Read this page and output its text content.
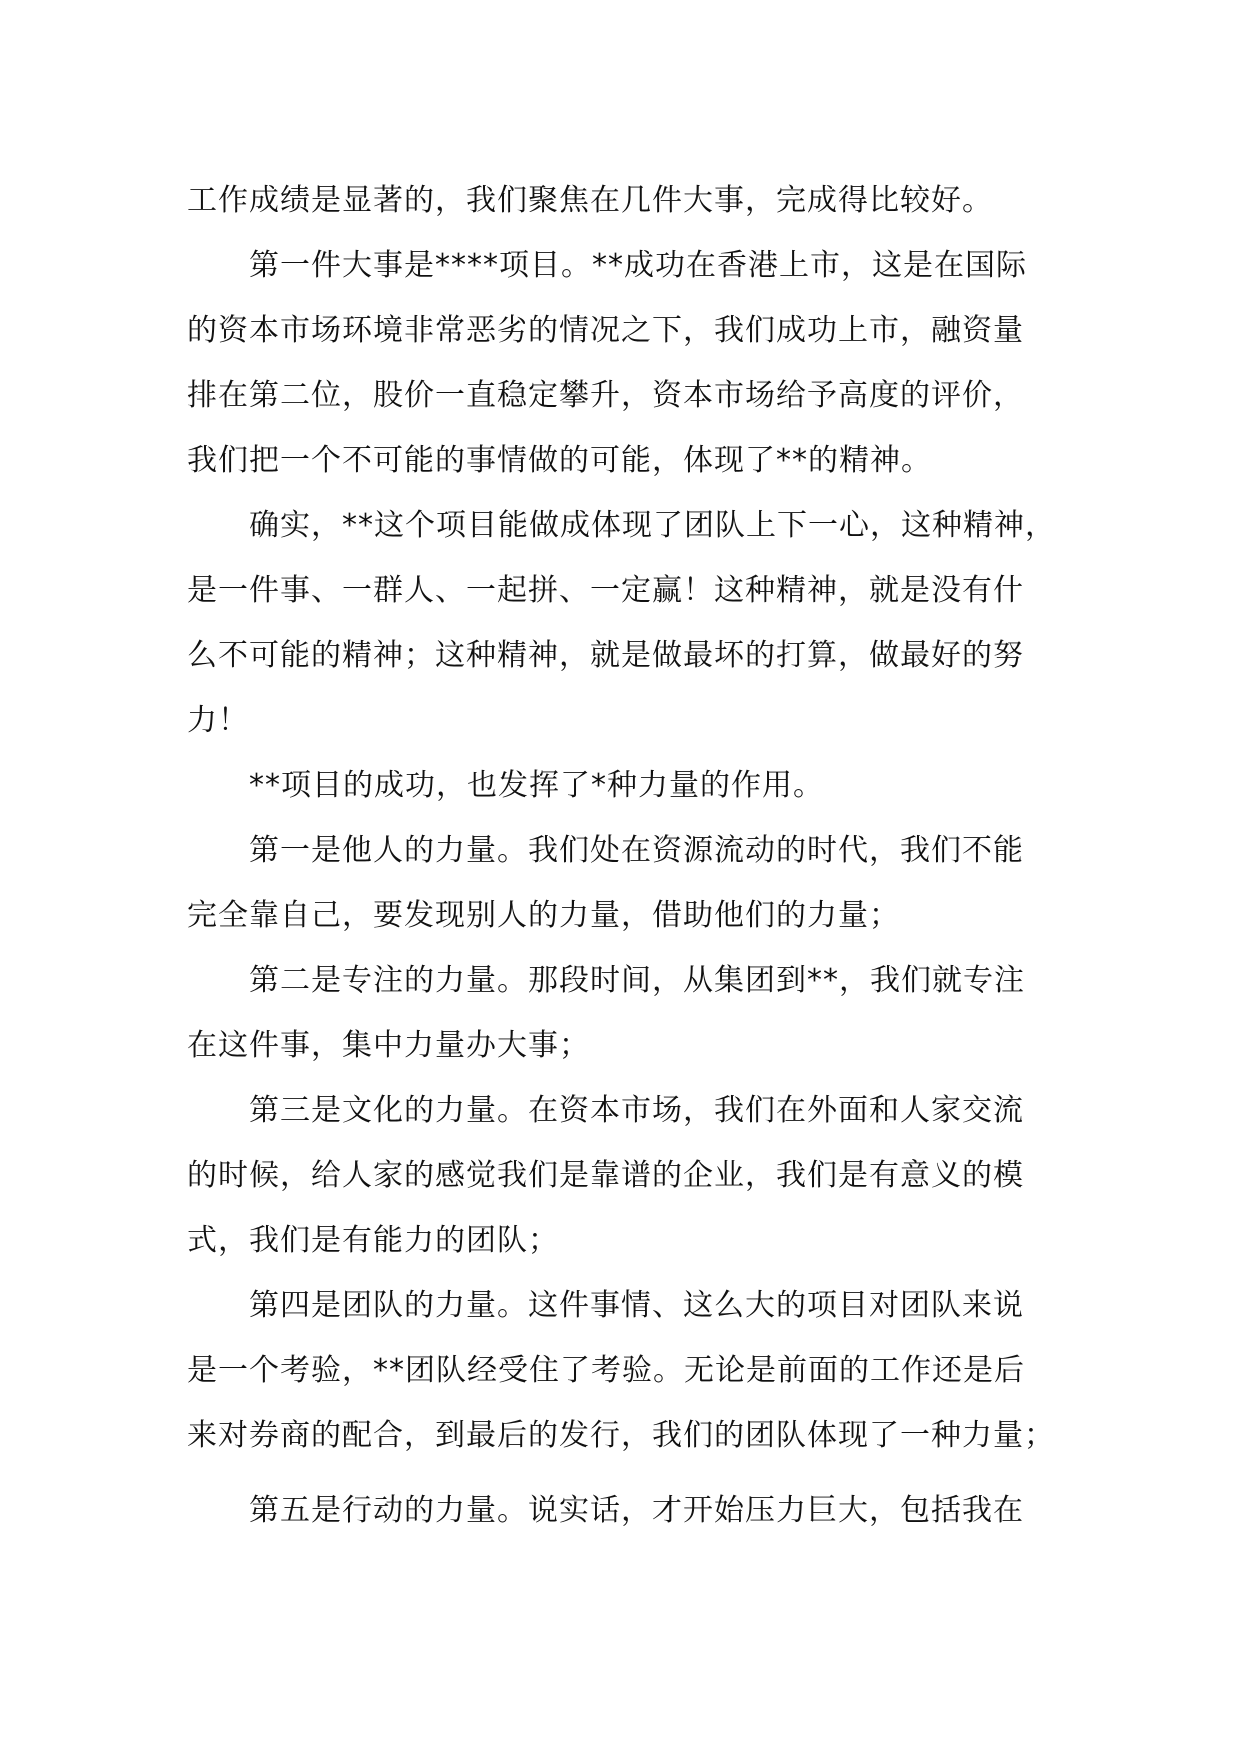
工作成绩是显著的，我们聚焦在几件大事，完成得比较好。

第一件大事是****项目。**成功在香港上市，这是在国际
的资本市场环境非常恶劣的情况之下，我们成功上市，融资量
排在第二位，股价一直稳定攀升，资本市场给予高度的评价，
我们把一个不可能的事情做的可能，体现了**的精神。

确实，**这个项目能做成体现了团队上下一心，这种精神，
是一件事、一群人、一起拼、一定赢！这种精神，就是没有什
么不可能的精神；这种精神，就是做最坏的打算，做最好的努
力！

**项目的成功，也发挥了*种力量的作用。

第一是他人的力量。我们处在资源流动的时代，我们不能
完全靠自己，要发现别人的力量，借助他们的力量；

第二是专注的力量。那段时间，从集团到**，我们就专注
在这件事，集中力量办大事；

第三是文化的力量。在资本市场，我们在外面和人家交流
的时候，给人家的感觉我们是靠谱的企业，我们是有意义的模
式，我们是有能力的团队；

第四是团队的力量。这件事情、这么大的项目对团队来说
是一个考验，**团队经受住了考验。无论是前面的工作还是后
来对券商的配合，到最后的发行，我们的团队体现了一种力量；

第五是行动的力量。说实话，才开始压力巨大，包括我在
